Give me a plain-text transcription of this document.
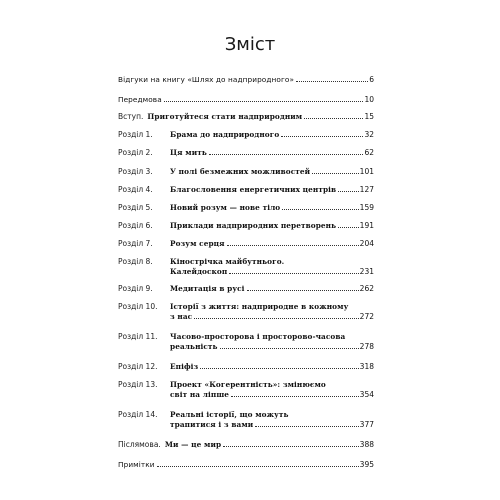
Зміст
Відгуки на книгу «Шлях до надприродного»	6
Передмова	10
Вступ. Приготуйтеся стати надприродним	15
Розділ 1.	Брама до надприродного	32
Розділ 2.	Ця мить	62
Розділ 3.	У полі безмежних можливостей	101
Розділ 4.	Благословення енергетичних центрів	127
Розділ 5.	Новий розум — нове тіло	159
Розділ 6.	Приклади надприродних перетворень	191
Розділ 7.	Розум серця	204
Розділ 8.	Кінострічка майбутнього.
Калейдоскоп	231
Розділ 9.	Медитація в русі	262
Розділ 10.	Історії з життя: надприродне в кожному
з нас	272
Розділ 11.	Часово-просторова і просторово-часова
реальність	278
Розділ 12.	Епіфіз	318
Розділ 13.	Проект «Когерентність»: змінюємо
світ на ліпше	354
Розділ 14.	Реальні історії, що можуть
трапитися і з вами	377
Післямова. Ми — це мир	388
Примітки	395
